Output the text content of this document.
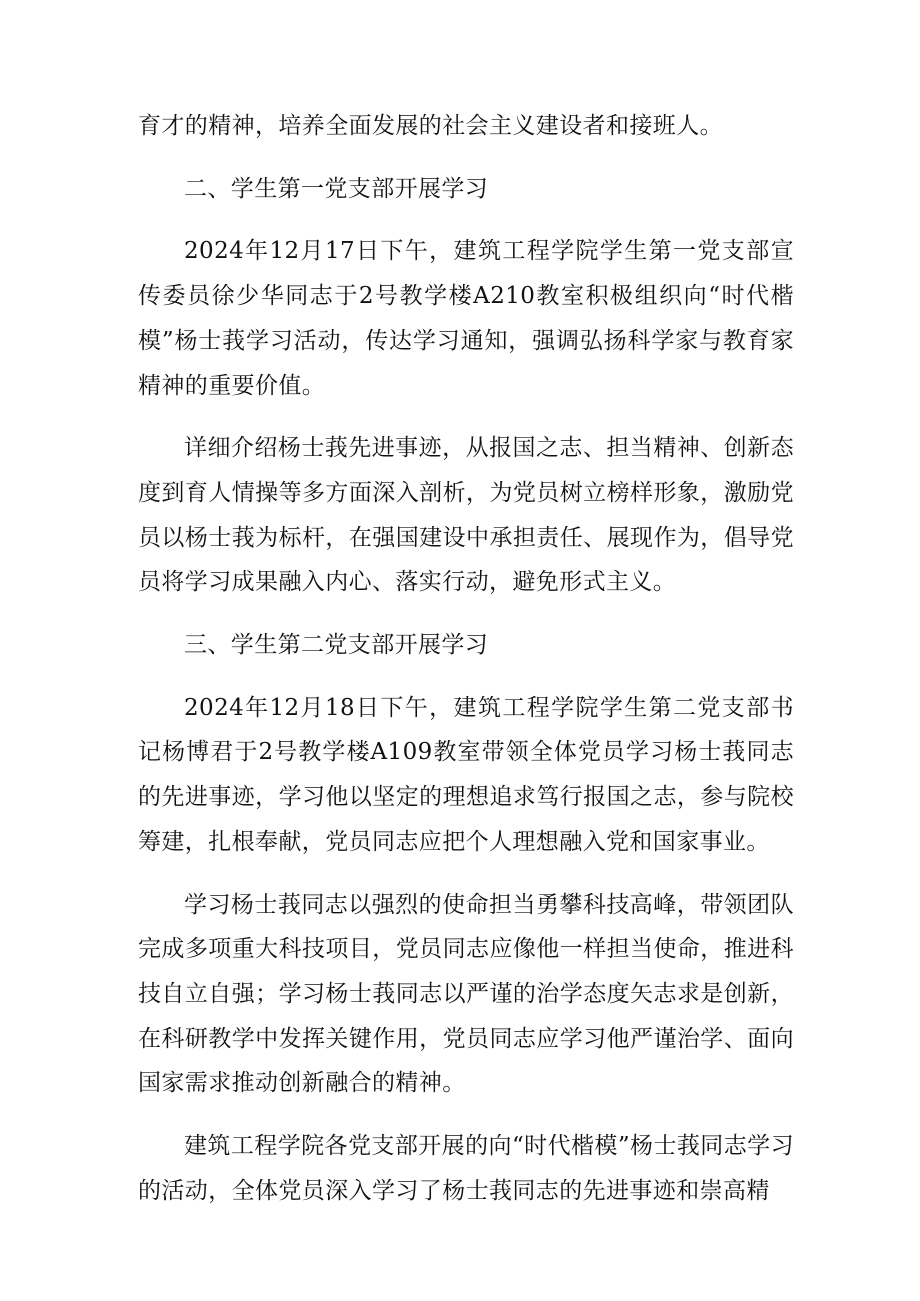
育才的精神，培养全面发展的社会主义建设者和接班人。

二、学生第一党支部开展学习

2024年12月17日下午，建筑工程学院学生第一党支部宣传委员徐少华同志于2号教学楼A210教室积极组织向“时代楷模”杨士莪学习活动，传达学习通知，强调弘扬科学家与教育家精神的重要价值。

详细介绍杨士莪先进事迹，从报国之志、担当精神、创新态度到育人情操等多方面深入剖析，为党员树立榜样形象，激励党员以杨士莪为标杆，在强国建设中承担责任、展现作为，倡导党员将学习成果融入内心、落实行动，避免形式主义。

三、学生第二党支部开展学习

2024年12月18日下午，建筑工程学院学生第二党支部书记杨博君于2号教学楼A109教室带领全体党员学习杨士莪同志的先进事迹，学习他以坚定的理想追求笃行报国之志，参与院校筹建，扎根奉献，党员同志应把个人理想融入党和国家事业。

学习杨士莪同志以强烈的使命担当勇攀科技高峰，带领团队完成多项重大科技项目，党员同志应像他一样担当使命，推进科技自立自强；学习杨士莪同志以严谨的治学态度矢志求是创新，在科研教学中发挥关键作用，党员同志应学习他严谨治学、面向国家需求推动创新融合的精神。

建筑工程学院各党支部开展的向“时代楷模”杨士莪同志学习的活动，全体党员深入学习了杨士莪同志的先进事迹和崇高精
